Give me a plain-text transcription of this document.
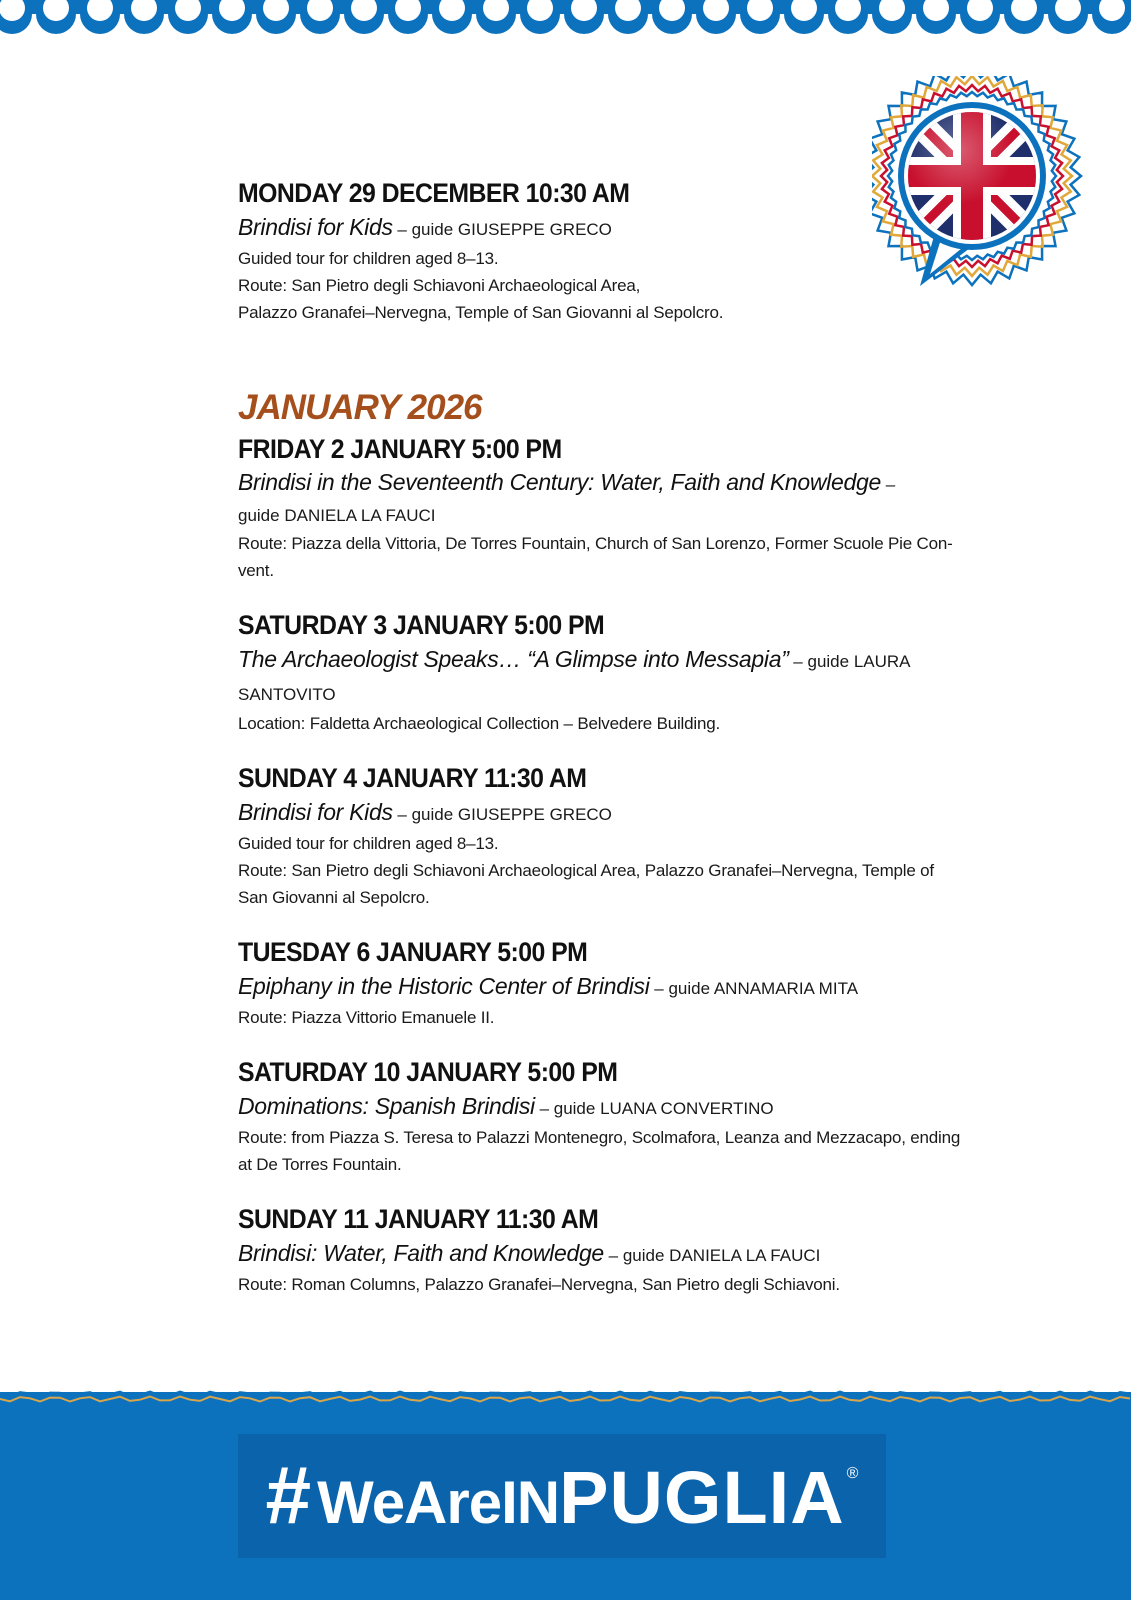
MONDAY 29 DECEMBER 10:30 AM
Brindisi for Kids – guide GIUSEPPE GRECO
Guided tour for children aged 8–13.
Route: San Pietro degli Schiavoni Archaeological Area,
Palazzo Granafei–Nervegna, Temple of San Giovanni al Sepolcro.
JANUARY 2026
FRIDAY 2 JANUARY 5:00 PM
Brindisi in the Seventeenth Century: Water, Faith and Knowledge –
guide DANIELA LA FAUCI
Route: Piazza della Vittoria, De Torres Fountain, Church of San Lorenzo, Former Scuole Pie Con-
vent.
SATURDAY 3 JANUARY 5:00 PM
The Archaeologist Speaks… “A Glimpse into Messapia” – guide LAURA SANTOVITO
Location: Faldetta Archaeological Collection – Belvedere Building.
SUNDAY 4 JANUARY 11:30 AM
Brindisi for Kids – guide GIUSEPPE GRECO
Guided tour for children aged 8–13.
Route: San Pietro degli Schiavoni Archaeological Area, Palazzo Granafei–Nervegna, Temple of
San Giovanni al Sepolcro.
TUESDAY 6 JANUARY 5:00 PM
Epiphany in the Historic Center of Brindisi – guide ANNAMARIA MITA
Route: Piazza Vittorio Emanuele II.
SATURDAY 10 JANUARY 5:00 PM
Dominations: Spanish Brindisi – guide LUANA CONVERTINO
Route: from Piazza S. Teresa to Palazzi Montenegro, Scolmafora, Leanza and Mezzacapo, ending
at De Torres Fountain.
SUNDAY 11 JANUARY 11:30 AM
Brindisi: Water, Faith and Knowledge – guide DANIELA LA FAUCI
Route: Roman Columns, Palazzo Granafei–Nervegna, San Pietro degli Schiavoni.
# WeAreIN PUGLIA ®
